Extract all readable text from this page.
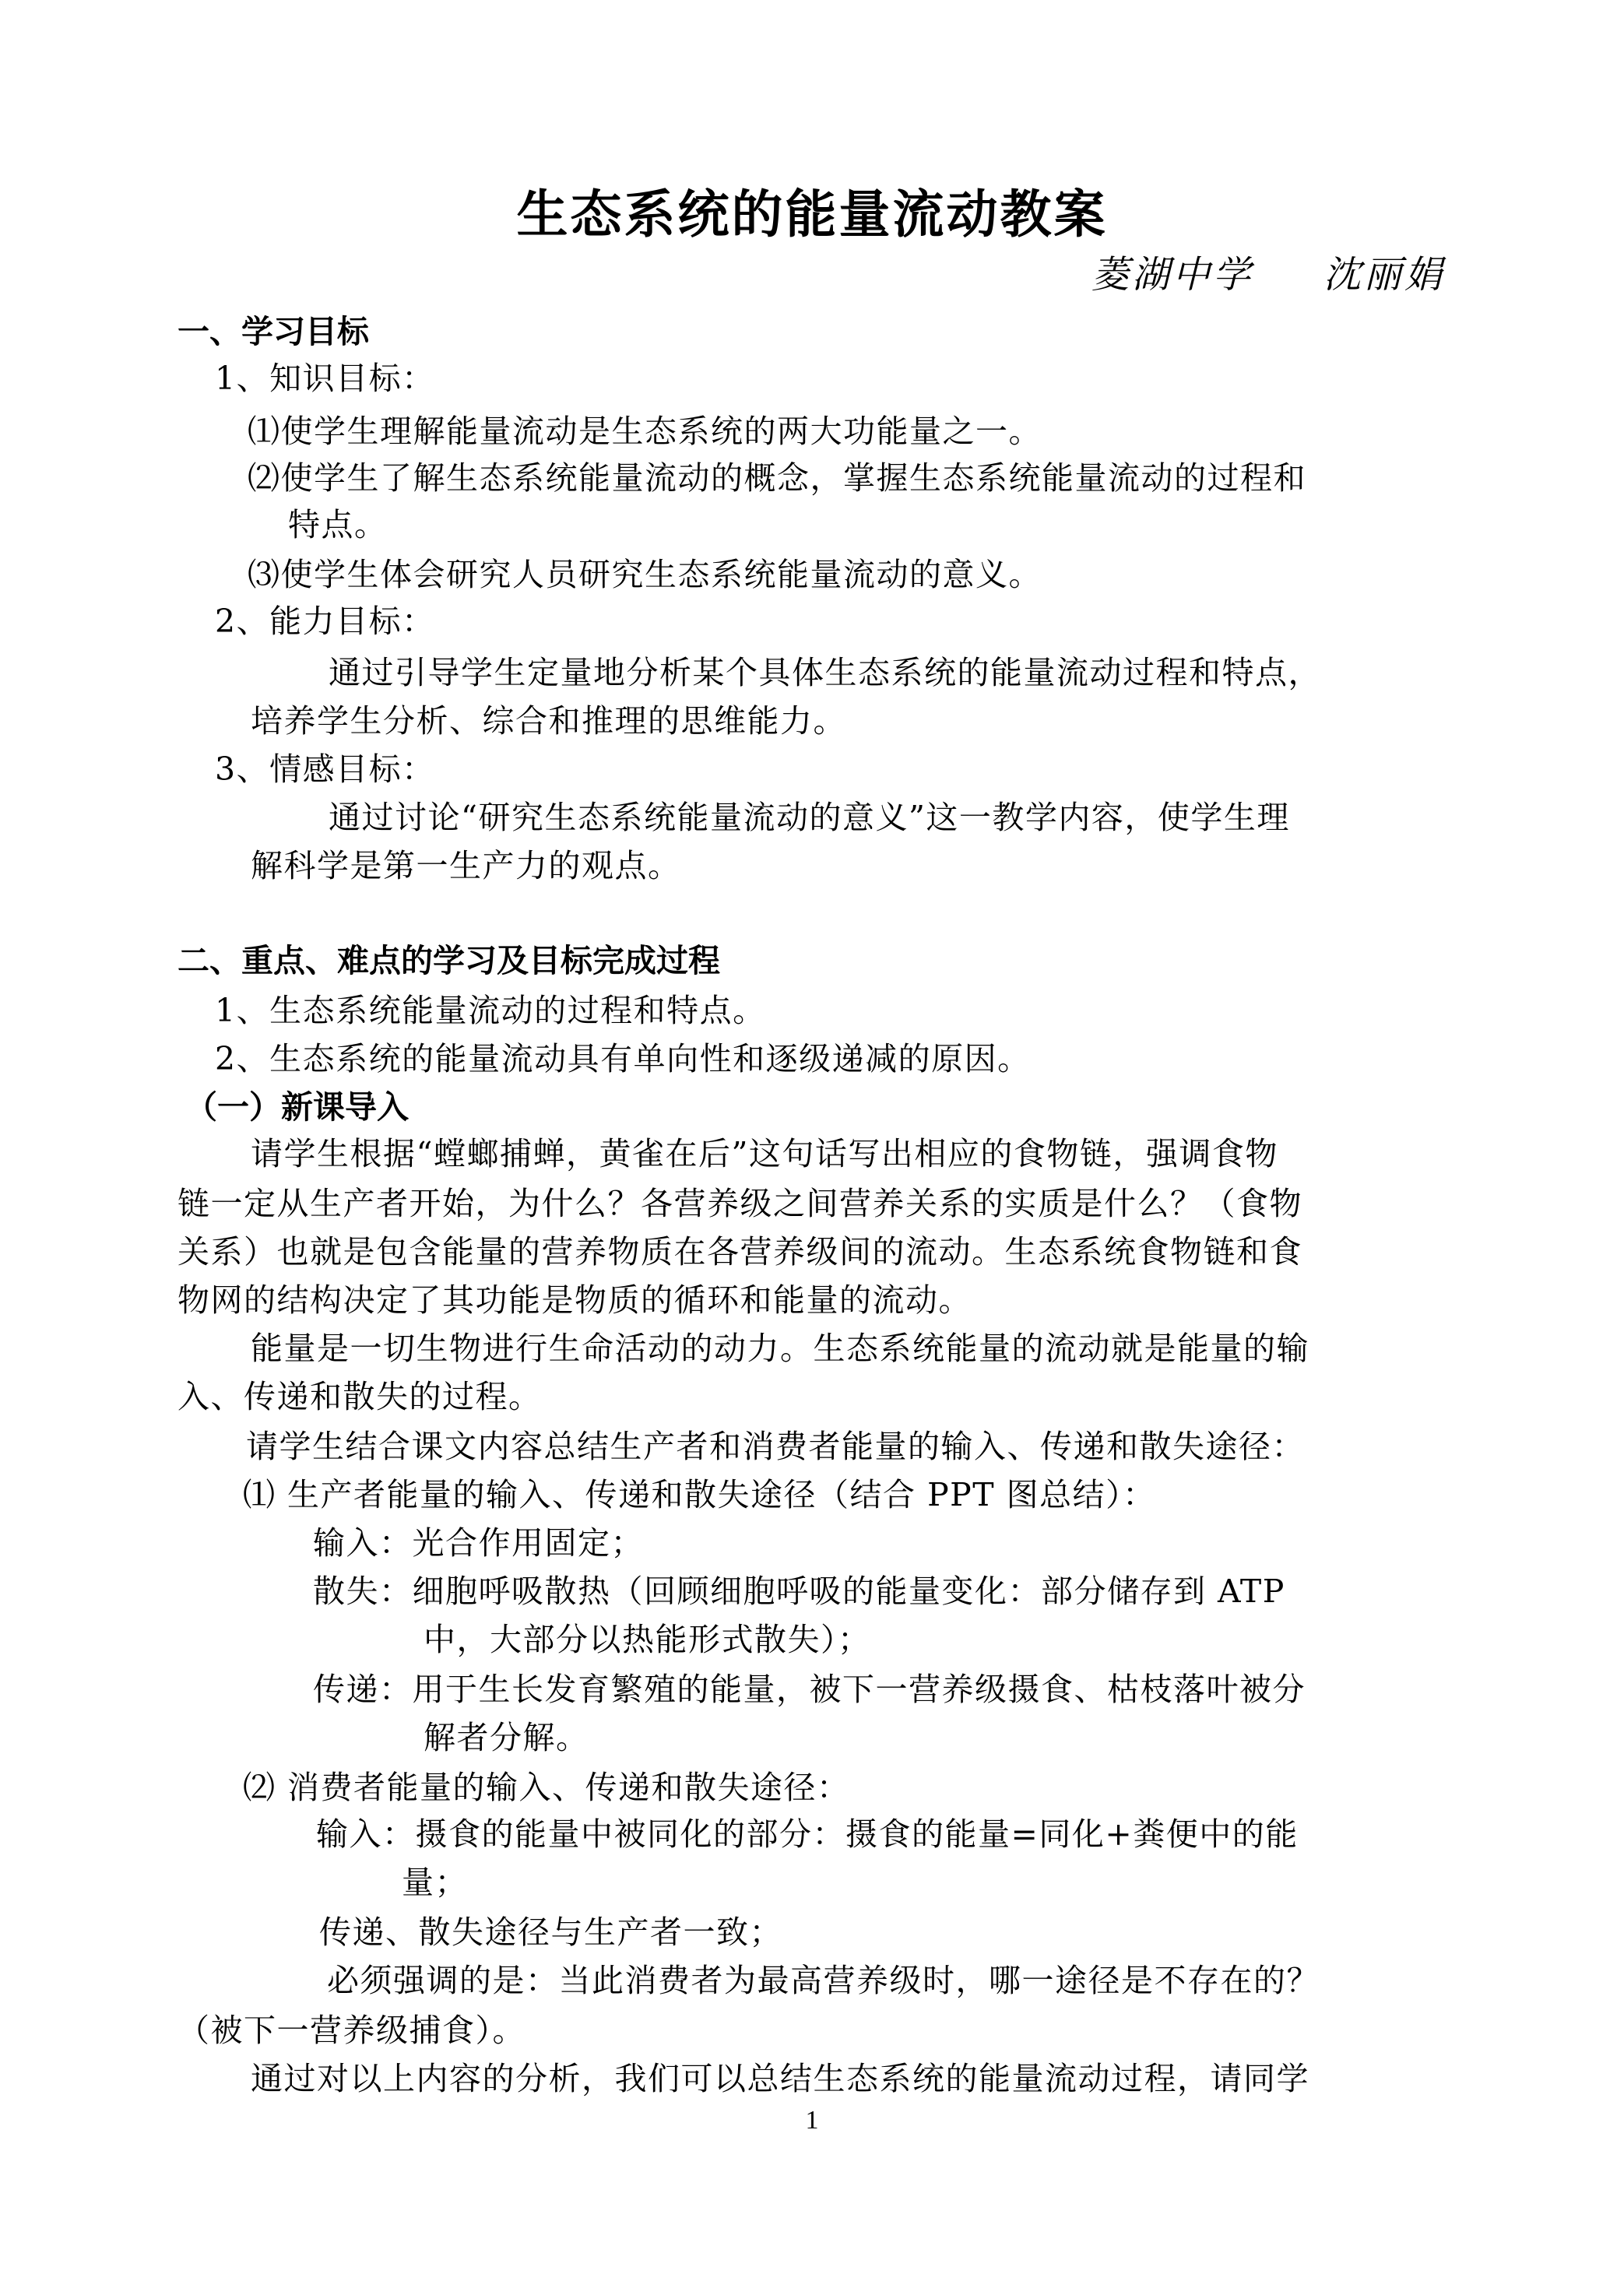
生态系统的能量流动教案
菱湖中学 沈丽娟
一、学习目标
1、知识目标：
⑴使学生理解能量流动是生态系统的两大功能量之一。
⑵使学生了解生态系统能量流动的概念，掌握生态系统能量流动的过程和
特点。
⑶使学生体会研究人员研究生态系统能量流动的意义。
2、能力目标：
通过引导学生定量地分析某个具体生态系统的能量流动过程和特点，
培养学生分析、综合和推理的思维能力。
3、情感目标：
通过讨论“研究生态系统能量流动的意义”这一教学内容，使学生理
解科学是第一生产力的观点。
二、重点、难点的学习及目标完成过程
1、生态系统能量流动的过程和特点。
2、生态系统的能量流动具有单向性和逐级递减的原因。
（一）新课导入
请学生根据“螳螂捕蝉，黄雀在后”这句话写出相应的食物链，强调食物
链一定从生产者开始，为什么？各营养级之间营养关系的实质是什么？（食物
关系）也就是包含能量的营养物质在各营养级间的流动。生态系统食物链和食
物网的结构决定了其功能是物质的循环和能量的流动。
能量是一切生物进行生命活动的动力。生态系统能量的流动就是能量的输
入、传递和散失的过程。
请学生结合课文内容总结生产者和消费者能量的输入、传递和散失途径：
⑴ 生产者能量的输入、传递和散失途径（结合 PPT 图总结）：
输入：光合作用固定；
散失：细胞呼吸散热（回顾细胞呼吸的能量变化：部分储存到 ATP
中，大部分以热能形式散失）；
传递：用于生长发育繁殖的能量，被下一营养级摄食、枯枝落叶被分
解者分解。
⑵ 消费者能量的输入、传递和散失途径：
输入：摄食的能量中被同化的部分：摄食的能量=同化+粪便中的能
量；
传递、散失途径与生产者一致；
必须强调的是：当此消费者为最高营养级时，哪一途径是不存在的？
（被下一营养级捕食）。
通过对以上内容的分析，我们可以总结生态系统的能量流动过程，请同学
1
